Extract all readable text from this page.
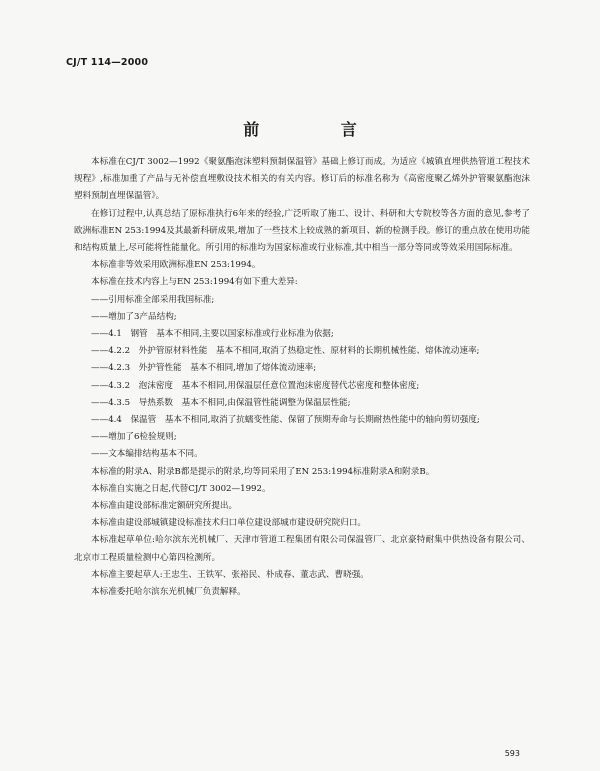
CJ/T 114—2000
前 言

本标准在CJ/T 3002—1992《聚氨酯泡沫塑料预制保温管》基础上修订而成。为适应《城镇直埋供热管道工程技术规程》,标准加重了产品与无补偿直埋敷设技术相关的有关内容。修订后的标准名称为《高密度聚乙烯外护管聚氨酯泡沫塑料预制直埋保温管》。

在修订过程中,认真总结了原标准执行6年来的经验,广泛听取了施工、设计、科研和大专院校等各方面的意见,参考了欧洲标准EN 253:1994及其最新科研成果,增加了一些技术上较成熟的新项目、新的检测手段。修订的重点放在使用功能和结构质量上,尽可能将性能量化。所引用的标准均为国家标准或行业标准,其中相当一部分等同或等效采用国际标准。

本标准非等效采用欧洲标准EN 253:1994。

本标准在技术内容上与EN 253:1994有如下重大差异:

——引用标准全部采用我国标准;

——增加了3产品结构;

——4.1　钢管　基本不相同,主要以国家标准或行业标准为依据;

——4.2.2　外护管原材料性能　基本不相同,取消了热稳定性、原材料的长期机械性能、熔体流动速率;

——4.2.3　外护管性能　基本不相同,增加了熔体流动速率;

——4.3.2　泡沫密度　基本不相同,用保温层任意位置泡沫密度替代芯密度和整体密度;

——4.3.5　导热系数　基本不相同,由保温管性能调整为保温层性能;

——4.4　保温管　基本不相同,取消了抗蠕变性能、保留了预期寿命与长期耐热性能中的轴向剪切强度;

——增加了6检验规则;

——文本编排结构基本不同。

本标准的附录A、附录B都是提示的附录,均等同采用了EN 253:1994标准附录A和附录B。

本标准自实施之日起,代替CJ/T 3002—1992。

本标准由建设部标准定额研究所提出。

本标准由建设部城镇建设标准技术归口单位建设部城市建设研究院归口。

本标准起草单位:哈尔滨东光机械厂、天津市管道工程集团有限公司保温管厂、北京豪特耐集中供热设备有限公司、北京市工程质量检测中心第四检测所。

本标准主要起草人:王忠生、王铁军、张裕民、朴成春、董志武、曹晓强。

本标准委托哈尔滨东光机械厂负责解释。

593
